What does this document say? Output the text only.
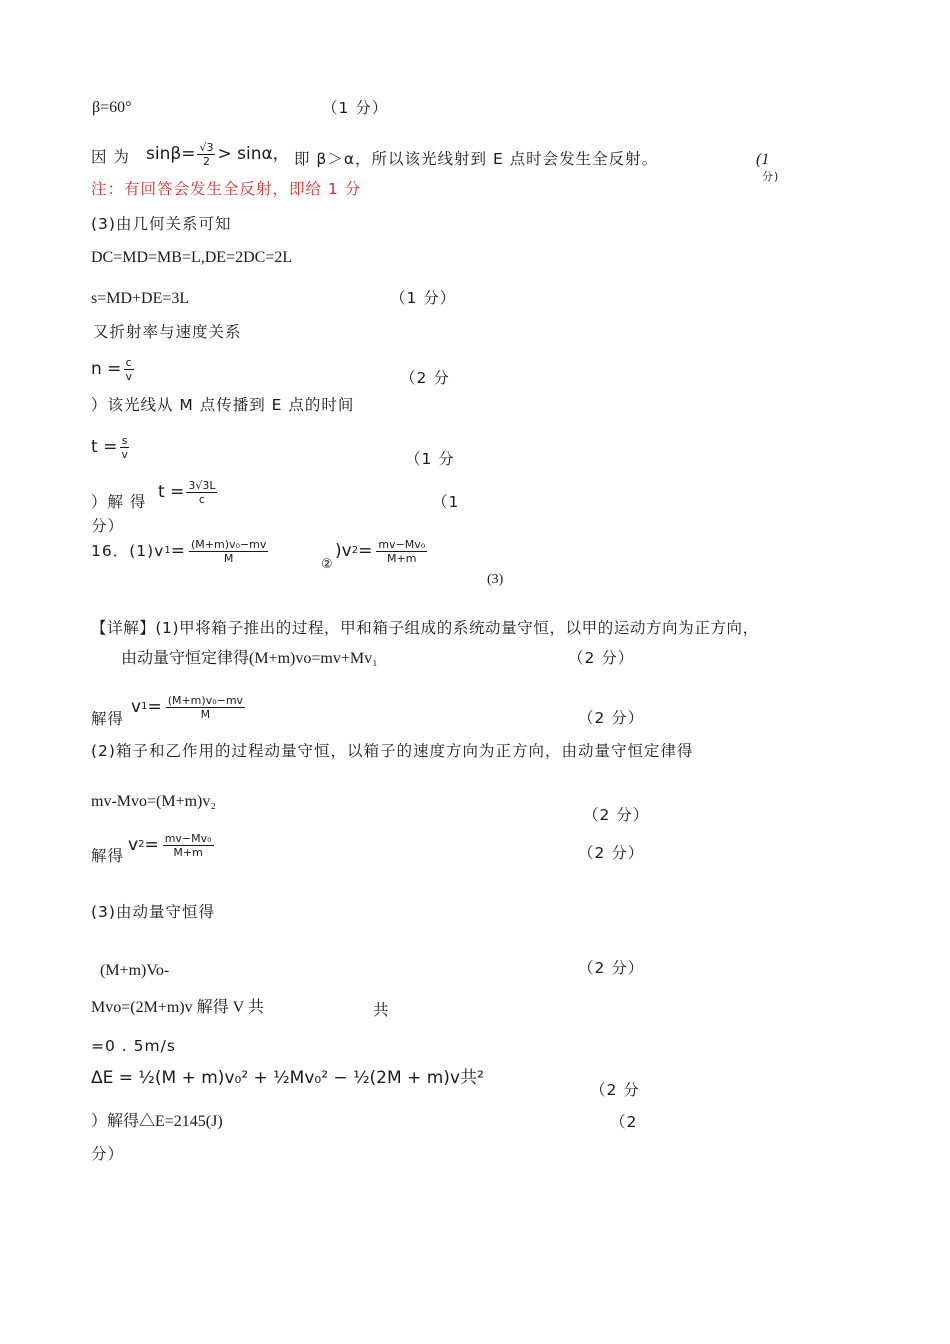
β=60°	（1 分）
因 为 $\sin\beta= \frac{√3}{2} > \sin\alpha$， 即 β＞α，所以该光线射到 E 点时会发生全反射。	(1
分)
注：有回答会发生全反射，即给 1 分
(3)由几何关系可知
DC=MD=MB=L,DE=2DC=2L
s=MD+DE=3L	（1 分）
又折射率与速度关系
$n = \frac{c}{v}$	（2 分
）该光线从 M 点传播到 E 点的时间
$t = \frac{s}{v}$	（1 分
）解 得 $t = \frac{3√3L}{c}$	（1
分）
16．(1)v $1 = \frac{\text{(M+m)v₀−mv}}{M}$	②
)v $2 = \frac{\text{mv−Mv₀}}{M+m}$
(3)
【详解】(1)甲将箱子推出的过程，甲和箱子组成的系统动量守恒，以甲的运动方向为正方向，
由动量守恒定律得(M+m)vo=mv+Mv₁	（2 分）
解得
v $1 = \frac{\text{(M+m)v₀−mv}}{M}$	（2 分）
(2)箱子和乙作用的过程动量守恒，以箱子的速度方向为正方向，由动量守恒定律得
mv-Mvo=(M+m)v₂
（2 分）
解得
v $2 = \frac{\text{mv−Mv₀}}{M+m}$	（2 分）
(3)由动量守恒得
(M+m)Vo-	（2 分）
Mvo=(2M+m)v 解得 V 共	共
=0 . 5m/s
ΔE = ½(M + m)v₀² + ½Mv₀² − ½(2M + m)v共²
（2 分
）解得△E=2145(J)	（2
分）
